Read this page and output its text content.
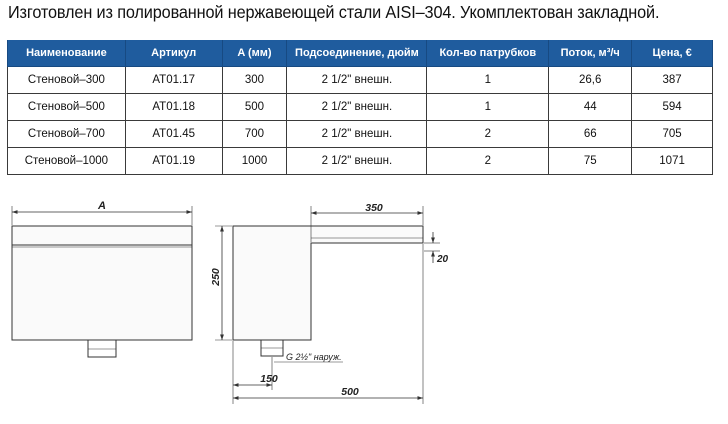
Изготовлен из полированной нержавеющей стали AISI–304. Укомплектован закладной.
Наименование	Артикул	A (мм)	Подсоединение, дюйм	Кол-во патрубков	Поток, м³/ч	Цена, €
Стеновой–300	АТ01.17	300	2 1/2" внешн.	1	26,6	387
Стеновой–500	АТ01.18	500	2 1/2" внешн.	1	44	594
Стеновой–700	АТ01.45	700	2 1/2" внешн.	2	66	705
Стеновой–1000	АТ01.19	1000	2 1/2" внешн.	2	75	1071
A	350
20
250
150
500
G 2½" наруж.
